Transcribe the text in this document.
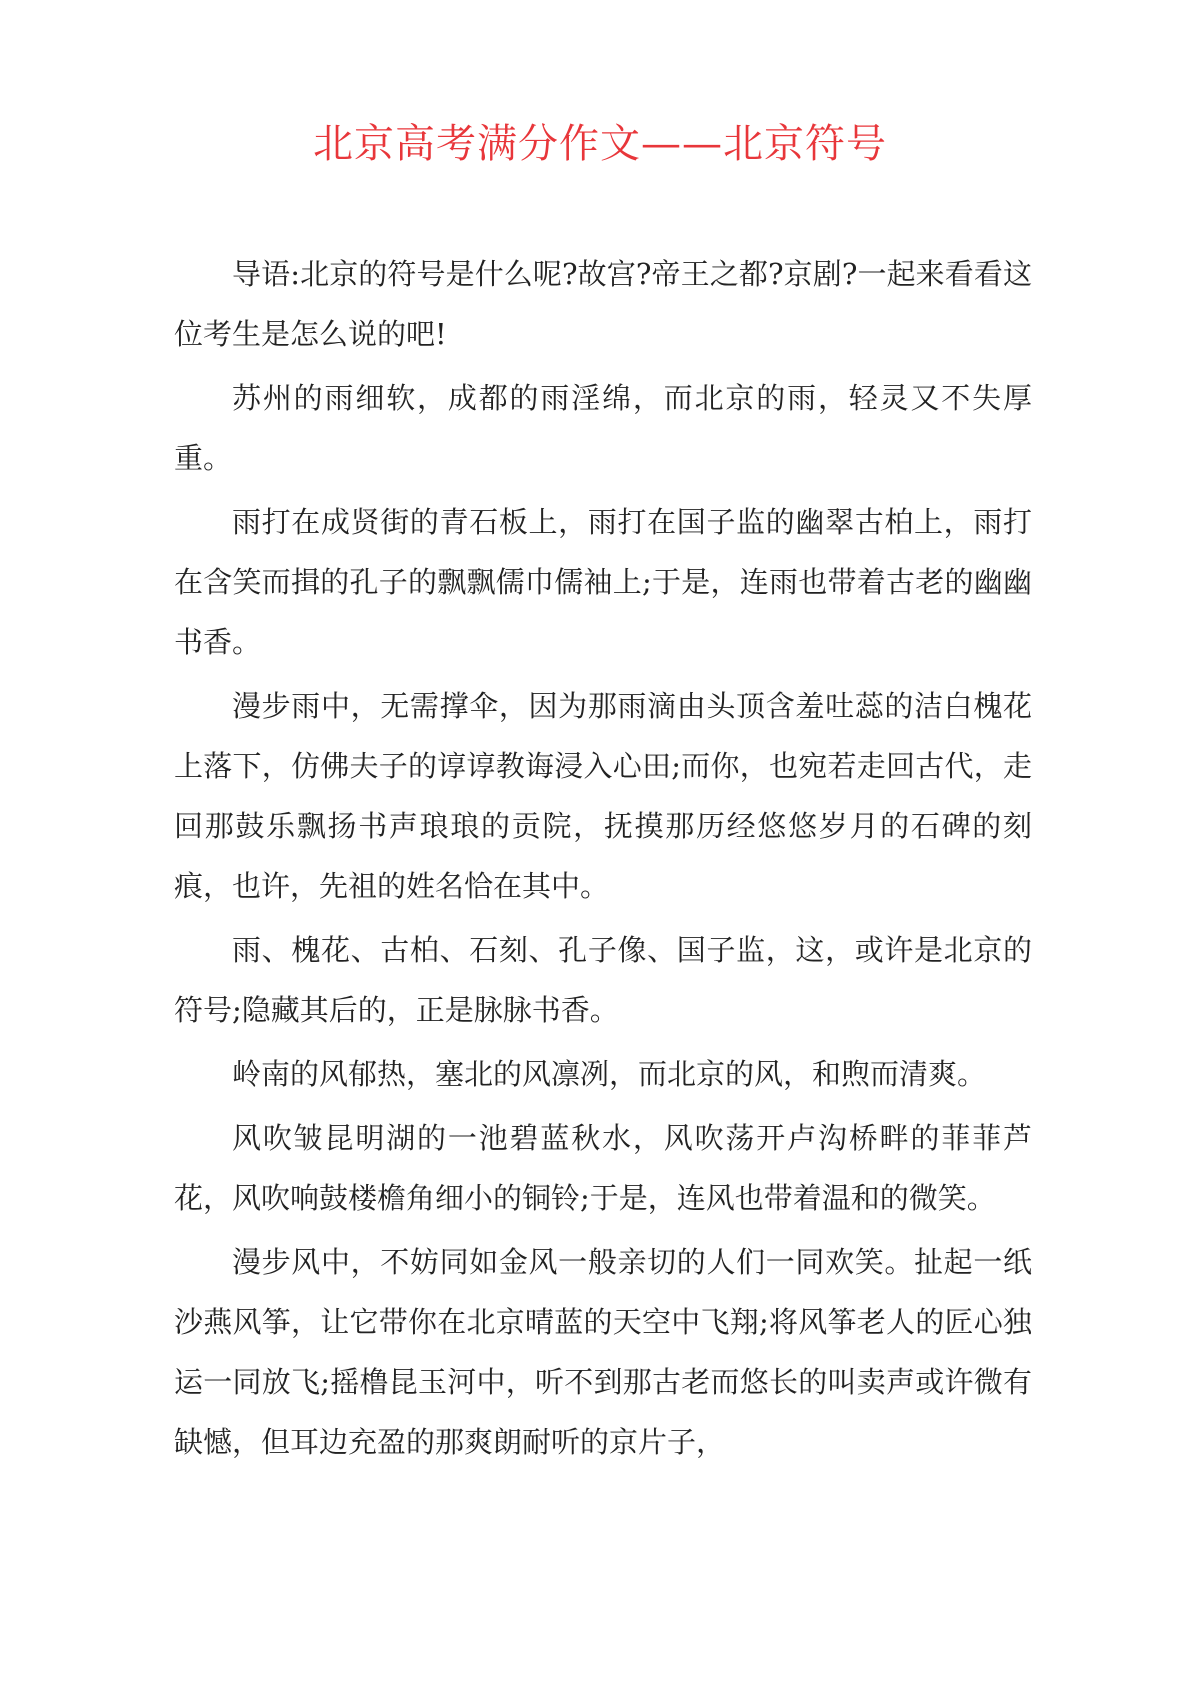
北京高考满分作文——北京符号

导语:北京的符号是什么呢?故宫?帝王之都?京剧?一起来看看这位考生是怎么说的吧!

苏州的雨细软，成都的雨淫绵，而北京的雨，轻灵又不失厚重。

雨打在成贤街的青石板上，雨打在国子监的幽翠古柏上，雨打在含笑而揖的孔子的飘飘儒巾儒袖上;于是，连雨也带着古老的幽幽书香。

漫步雨中，无需撑伞，因为那雨滴由头顶含羞吐蕊的洁白槐花上落下，仿佛夫子的谆谆教诲浸入心田;而你，也宛若走回古代，走回那鼓乐飘扬书声琅琅的贡院，抚摸那历经悠悠岁月的石碑的刻痕，也许，先祖的姓名恰在其中。

雨、槐花、古柏、石刻、孔子像、国子监，这，或许是北京的符号;隐藏其后的，正是脉脉书香。

岭南的风郁热，塞北的风凛冽，而北京的风，和煦而清爽。

风吹皱昆明湖的一池碧蓝秋水，风吹荡开卢沟桥畔的菲菲芦花，风吹响鼓楼檐角细小的铜铃;于是，连风也带着温和的微笑。

漫步风中，不妨同如金风一般亲切的人们一同欢笑。扯起一纸沙燕风筝，让它带你在北京晴蓝的天空中飞翔;将风筝老人的匠心独运一同放飞;摇橹昆玉河中，听不到那古老而悠长的叫卖声或许微有缺憾，但耳边充盈的那爽朗耐听的京片子，
